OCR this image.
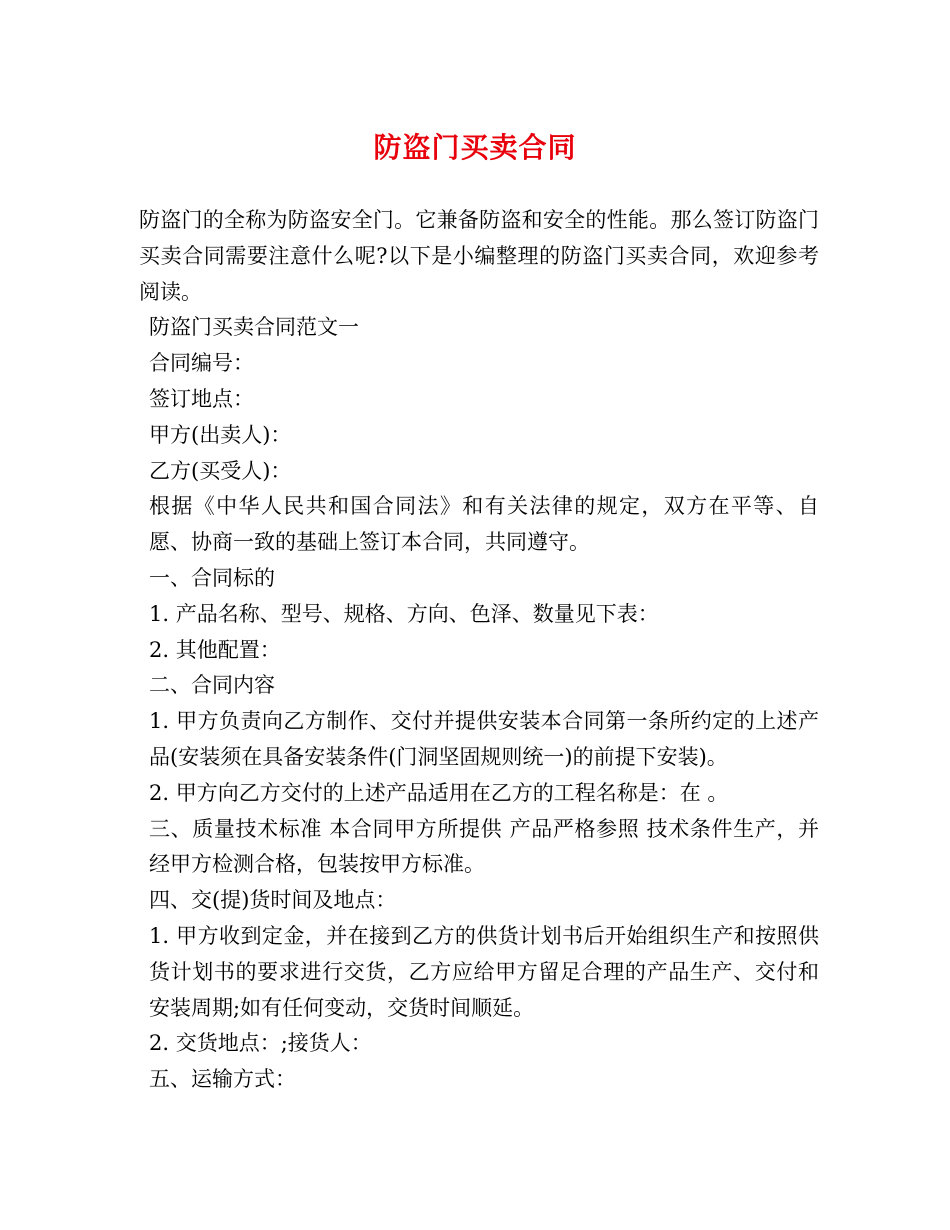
防盗门买卖合同

防盗门的全称为防盗安全门。它兼备防盗和安全的性能。那么签订防盗门买卖合同需要注意什么呢?以下是小编整理的防盗门买卖合同，欢迎参考阅读。

防盗门买卖合同范文一

合同编号：

签订地点：

甲方(出卖人)：

乙方(买受人)：

根据《中华人民共和国合同法》和有关法律的规定，双方在平等、自愿、协商一致的基础上签订本合同，共同遵守。

一、合同标的

1. 产品名称、型号、规格、方向、色泽、数量见下表：

2. 其他配置：

二、合同内容

1. 甲方负责向乙方制作、交付并提供安装本合同第一条所约定的上述产品(安装须在具备安装条件(门洞坚固规则统一)的前提下安装)。

2. 甲方向乙方交付的上述产品适用在乙方的工程名称是：在 。

三、质量技术标准 本合同甲方所提供 产品严格参照 技术条件生产，并经甲方检测合格，包装按甲方标准。

四、交(提)货时间及地点：

1. 甲方收到定金，并在接到乙方的供货计划书后开始组织生产和按照供货计划书的要求进行交货，乙方应给甲方留足合理的产品生产、交付和安装周期;如有任何变动，交货时间顺延。

2. 交货地点：;接货人：

五、运输方式：
